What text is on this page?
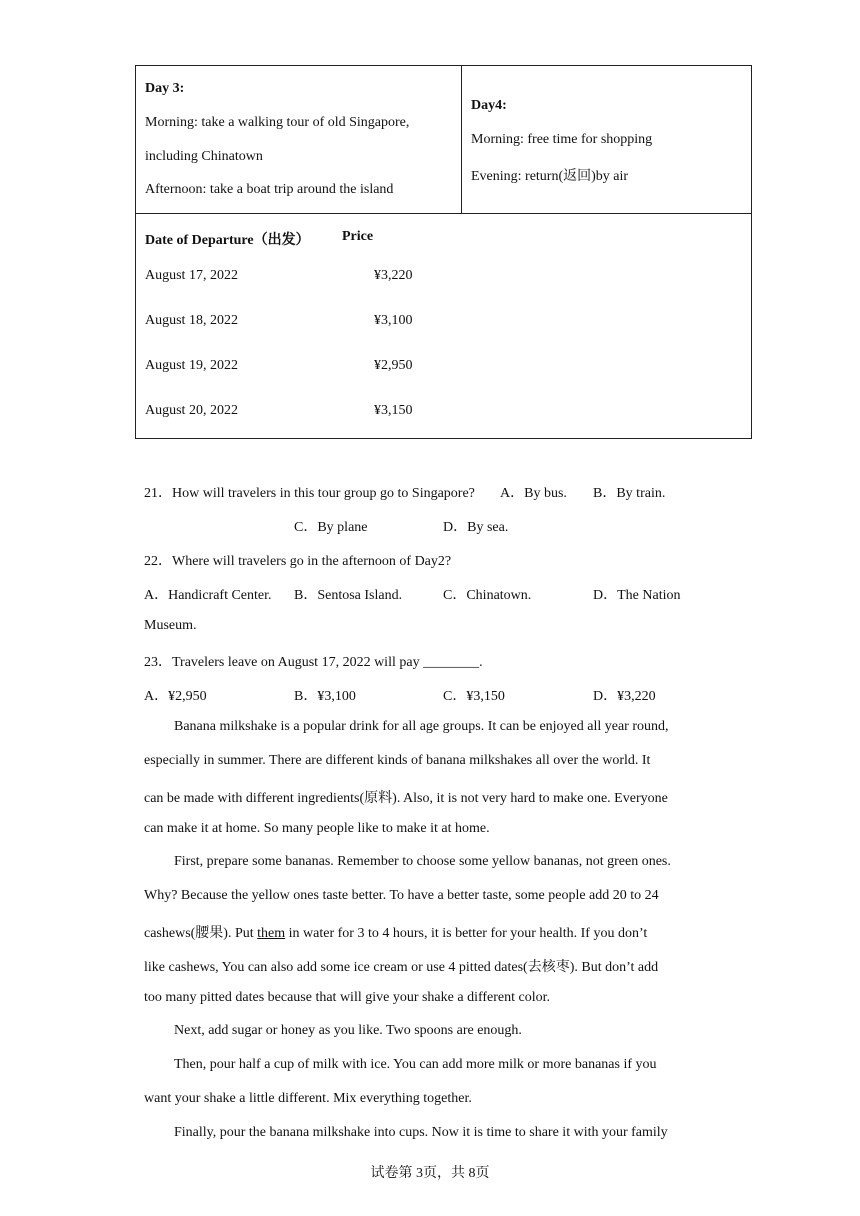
Day 3:
Morning: take a walking tour of old Singapore,
including Chinatown
Afternoon: take a boat trip around the island

Day4:
Morning: free time for shopping
Evening: return(返回)by air

Date of Departure（出发） Price
August 17, 2022	¥3,220
August 18, 2022	¥3,100
August 19, 2022	¥2,950
August 20, 2022	¥3,150
21．How will travelers in this tour group go to Singapore? A．By bus. B．By train.
C．By plane	D．By sea.
22．Where will travelers go in the afternoon of Day2?
A．Handicraft Center. B．Sentosa Island.	C．Chinatown.	D．The Nation
Museum.
23．Travelers leave on August 17, 2022 will pay ________.
A．¥2,950	B．¥3,100	C．¥3,150	D．¥3,220
Banana milkshake is a popular drink for all age groups. It can be enjoyed all year round,
especially in summer. There are different kinds of banana milkshakes all over the world. It
can be made with different ingredients(原料). Also, it is not very hard to make one. Everyone
can make it at home. So many people like to make it at home.
First, prepare some bananas. Remember to choose some yellow bananas, not green ones.
Why? Because the yellow ones taste better. To have a better taste, some people add 20 to 24
cashews(腰果). Put them in water for 3 to 4 hours, it is better for your health. If you don’t
like cashews, You can also add some ice cream or use 4 pitted dates(去核枣). But don’t add
too many pitted dates because that will give your shake a different color.
Next, add sugar or honey as you like. Two spoons are enough.
Then, pour half a cup of milk with ice. You can add more milk or more bananas if you
want your shake a little different. Mix everything together.
Finally, pour the banana milkshake into cups. Now it is time to share it with your family
试卷第 3页，共 8页
